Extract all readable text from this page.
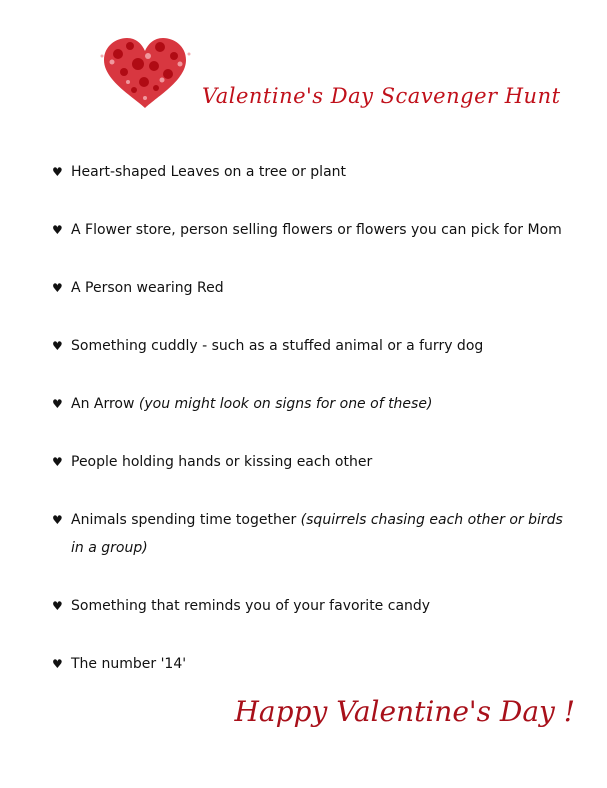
Valentine's Day Scavenger Hunt
♥ Heart-shaped Leaves on a tree or plant
♥ A Flower store, person selling flowers or flowers you can pick for Mom
♥ A Person wearing Red
♥ Something cuddly - such as a stuffed animal or a furry dog
♥ An Arrow (you might look on signs for one of these)
♥ People holding hands or kissing each other
♥ Animals spending time together (squirrels chasing each other or birds in a group)
♥ Something that reminds you of your favorite candy
♥ The number '14'
Happy Valentine's Day !
